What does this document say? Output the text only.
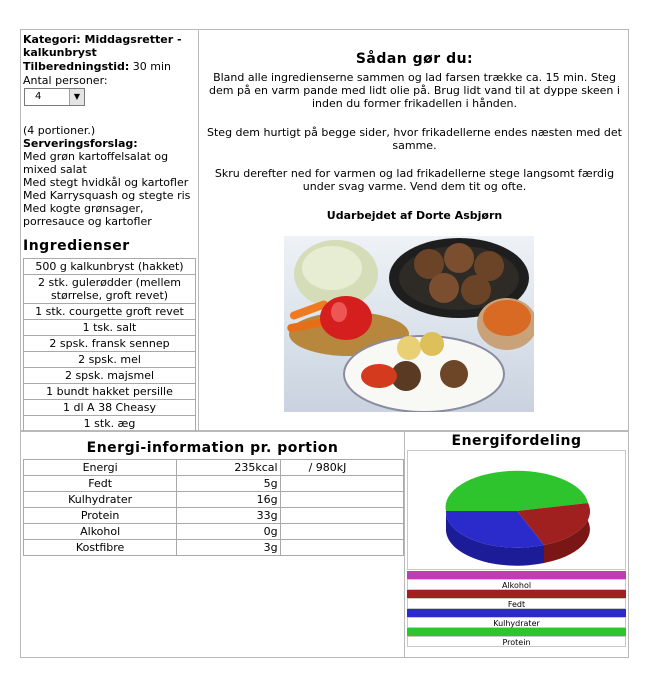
Kategori: Middagsretter - kalkunbryst
Tilberedningstid: 30 min
Antal personer:
4	▼
(4 portioner.)
Serveringsforslag:
Med grøn kartoffelsalat og mixed salat
Med stegt hvidkål og kartofler
Med Karrysquash og stegte ris
Med kogte grønsager, porresauce og kartofler
Ingredienser
500 g kalkunbryst (hakket)
2 stk. gulerødder (mellem størrelse, groft revet)
1 stk. courgette groft revet
1 tsk. salt
2 spsk. fransk sennep
2 spsk. mel
2 spsk. majsmel
1 bundt hakket persille
1 dl A 38 Cheasy
1 stk. æg
Sådan gør du:
Bland alle ingredienserne sammen og lad farsen trække ca. 15 min. Steg dem på en varm pande med lidt olie på. Brug lidt vand til at dyppe skeen i inden du former frikadellen i hånden.
Steg dem hurtigt på begge sider, hvor frikadellerne endes næsten med det samme.
Skru derefter ned for varmen og lad frikadellerne stege langsomt færdig under svag varme. Vend dem tit og ofte.
Udarbejdet af Dorte Asbjørn
Energi-information pr. portion
Energi	235kcal	/ 980kJ
Fedt	5g	
Kulhydrater	16g	
Protein	33g	
Alkohol	0g	
Kostfibre	3g	
Energifordeling
Alkohol
Fedt
Kulhydrater
Protein
